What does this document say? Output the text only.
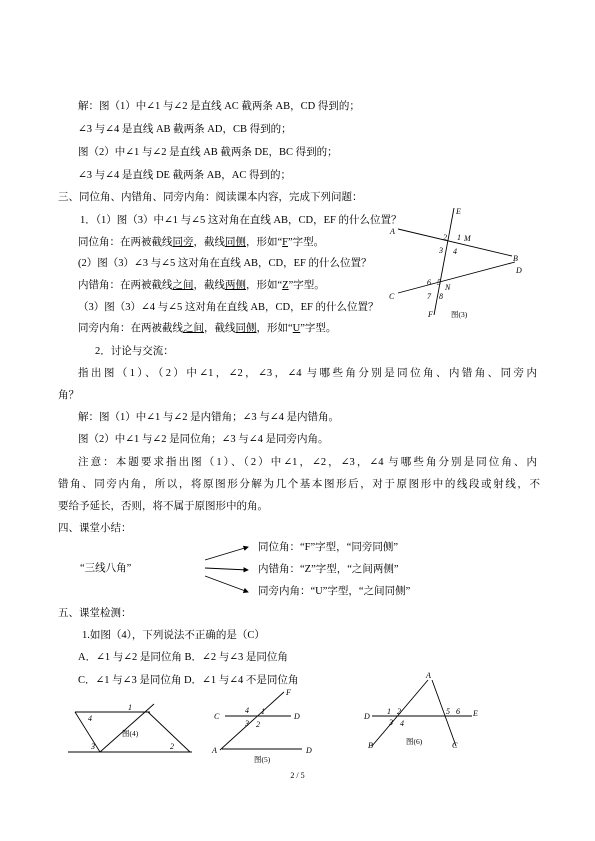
解：图（1）中∠1 与∠2 是直线 AC 截两条 AB，CD 得到的；
∠3 与∠4 是直线 AB 截两条 AD，CB 得到的；
图（2）中∠1 与∠2 是直线 AB 截两条 DE，BC 得到的；
∠3 与∠4 是直线 DE 截两条 AB，AC 得到的；
三、同位角、内错角、同旁内角：阅读课本内容，完成下列问题：
1．（1）图（3）中∠1 与∠5 这对角在直线 AB，CD，EF 的什么位置？
同位角：在两被截线同旁，截线同侧，形如“F”字型。
(2）图（3）∠3 与∠5 这对角在直线 AB，CD，EF 的什么位置？
内错角：在两被截线之间，截线两侧，形如“Z”字型。
（3）图（3）∠4 与∠5 这对角在直线 AB，CD，EF 的什么位置？
同旁内角：在两被截线之间，截线同侧，形如“U”字型。
A
B
C
D
E
F
M
N
1
2
3 4
5
6
7 8
图(3)
2．讨论与交流：
指出图（1）、（2）中∠1，∠2，∠3，∠4 与哪些角分别是同位角、内错角、同旁内
角？
解：图（1）中∠1 与∠2 是内错角；∠3 与∠4 是内错角。
图（2）中∠1 与∠2 是同位角；∠3 与∠4 是同旁内角。
注意：本题要求指出图（1）、（2）中∠1，∠2，∠3，∠4 与哪些角分别是同位角、内
错角、同旁内角，所以，将原图形分解为几个基本图形后，对于原图形中的线段或射线，不
要给予延长，否则，将不属于原图形中的角。
四、课堂小结：
“三线八角”
同位角：“F”字型，“同旁同侧”
内错角：“Z”字型，“之间两侧”
同旁内角：“U”字型，“之间同侧”
五、课堂检测：
1.如图（4），下列说法不正确的是（C）
A．∠1 与∠2 是同位角 B．∠2 与∠3 是同位角
C．∠1 与∠3 是同位角 D．∠1 与∠4 不是同位角
1
2
3
4
图(4)
C	D
A	D
F
1
2
3
4
图(5)
A
B	C
D	E
1 2
3 4
5 6
图(6)
2 / 5
